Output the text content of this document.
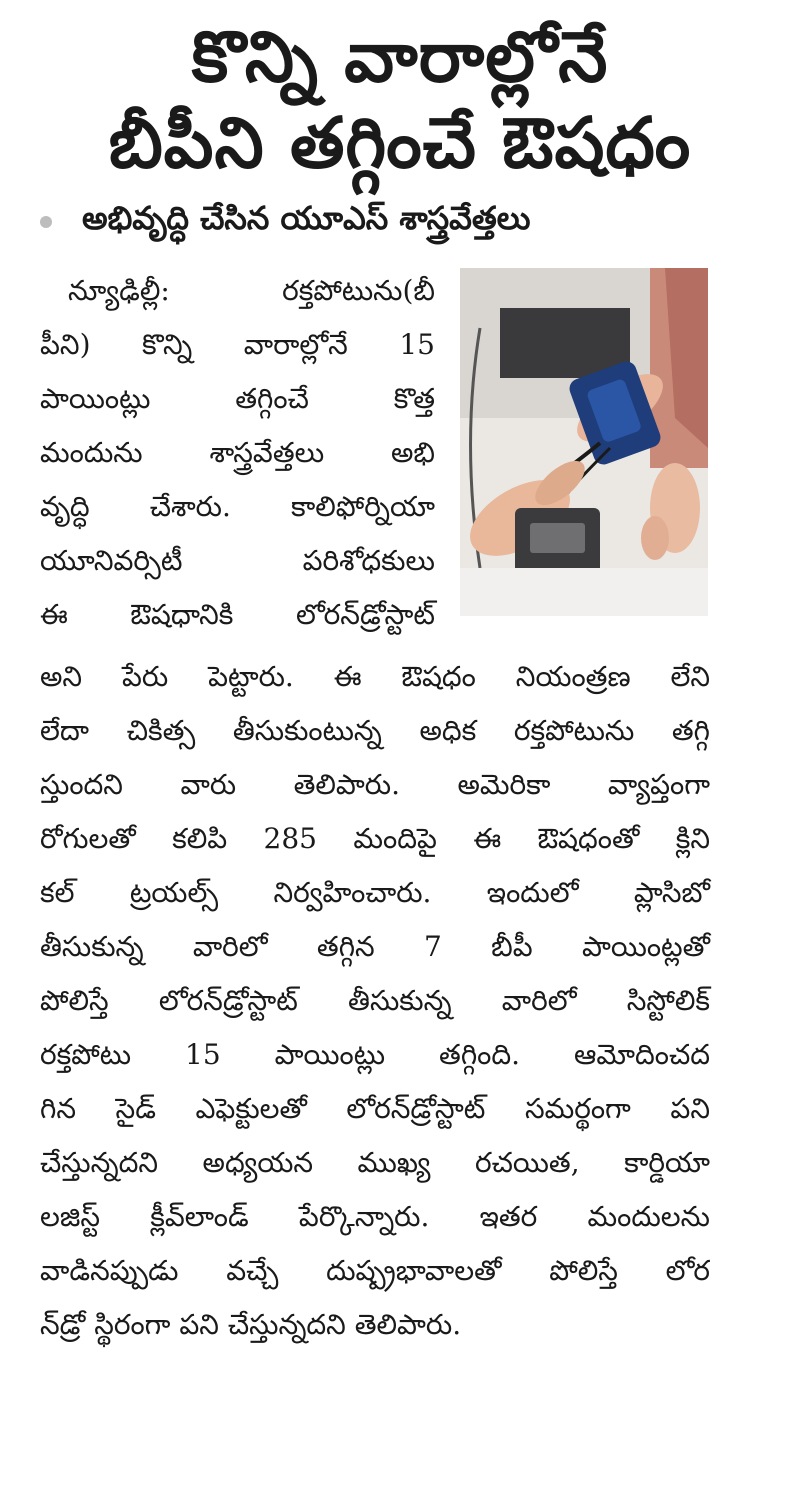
కొన్ని వారాల్లోనే
బీపీని తగ్గించే ఔషధం
అభివృద్ధి చేసిన యూఎస్ శాస్త్రవేత్తలు
న్యూఢిల్లీ: రక్తపోటును(బీ
పీని) కొన్ని వారాల్లోనే 15
పాయింట్లు తగ్గించే కొత్త
మందును శాస్త్రవేత్తలు అభి
వృద్ధి చేశారు. కాలిఫోర్నియా
యూనివర్సిటీ పరిశోధకులు
ఈ ఔషధానికి లోరన్‌డ్రోస్టాట్
అని పేరు పెట్టారు. ఈ ఔషధం నియంత్రణ లేని
లేదా చికిత్స తీసుకుంటున్న అధిక రక్తపోటును తగ్గి
స్తుందని వారు తెలిపారు. అమెరికా వ్యాప్తంగా
రోగులతో కలిపి 285 మందిపై ఈ ఔషధంతో క్లిని
కల్ ట్రయల్స్ నిర్వహించారు. ఇందులో ప్లాసిబో
తీసుకున్న వారిలో తగ్గిన 7 బీపీ పాయింట్లతో
పోలిస్తే లోరన్‌డ్రోస్టాట్ తీసుకున్న వారిలో సిస్టోలిక్
రక్తపోటు 15 పాయింట్లు తగ్గింది. ఆమోదించద
గిన సైడ్ ఎఫెక్టులతో లోరన్‌డ్రోస్టాట్ సమర్థంగా పని
చేస్తున్నదని అధ్యయన ముఖ్య రచయిత, కార్డియా
లజిస్ట్ క్లీవ్‌లాండ్ పేర్కొన్నారు. ఇతర మందులను
వాడినప్పుడు వచ్చే దుష్ప్రభావాలతో పోలిస్తే లోర
న్‌డ్రో స్థిరంగా పని చేస్తున్నదని తెలిపారు.
